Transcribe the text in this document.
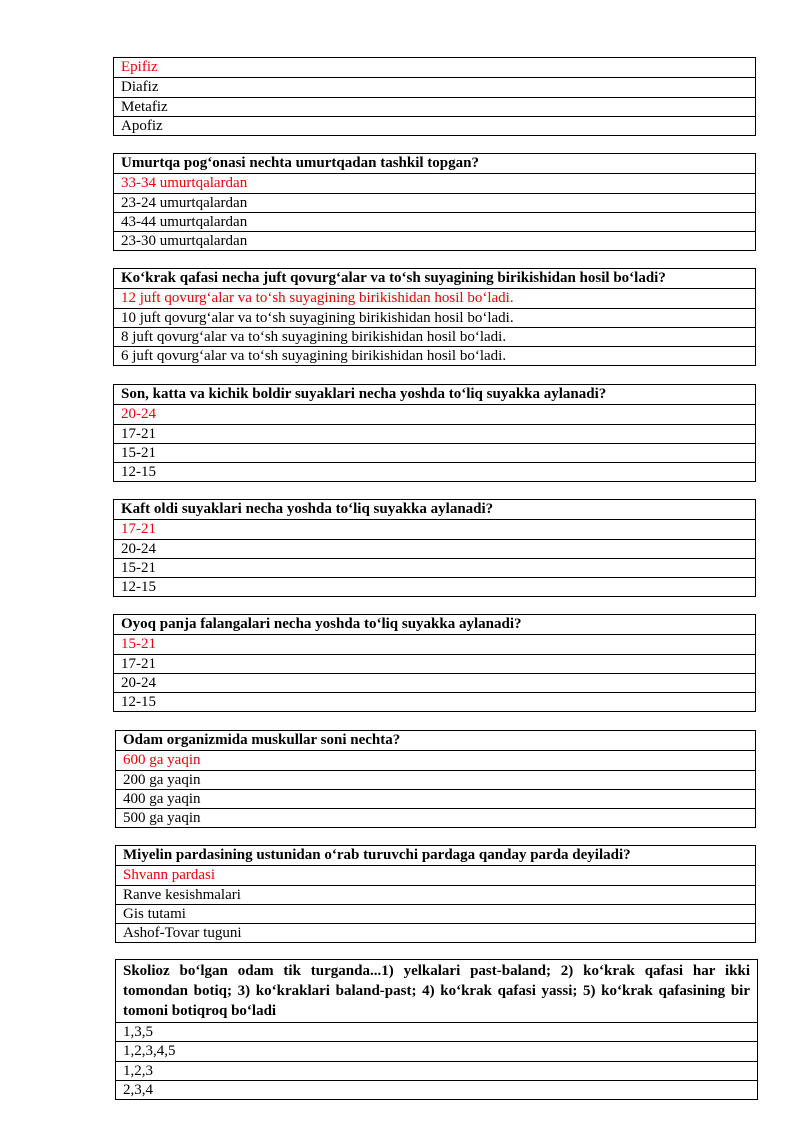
Epifiz
Diafiz
Metafiz
Apofiz
Umurtqa pog‘onasi nechta umurtqadan tashkil topgan?
33-34 umurtqalardan
23-24 umurtqalardan
43-44 umurtqalardan
23-30 umurtqalardan
Ko‘krak qafasi necha juft qovurg‘alar va to‘sh suyagining birikishidan hosil bo‘ladi?
12 juft qovurg‘alar va to‘sh suyagining birikishidan hosil bo‘ladi.
10 juft qovurg‘alar va to‘sh suyagining birikishidan hosil bo‘ladi.
8 juft qovurg‘alar va to‘sh suyagining birikishidan hosil bo‘ladi.
6 juft qovurg‘alar va to‘sh suyagining birikishidan hosil bo‘ladi.
Son, katta va kichik boldir suyaklari necha yoshda to‘liq suyakka aylanadi?
20-24
17-21
15-21
12-15
Kaft oldi suyaklari necha yoshda to‘liq suyakka aylanadi?
17-21
20-24
15-21
12-15
Oyoq panja falangalari necha yoshda to‘liq suyakka aylanadi?
15-21
17-21
20-24
12-15
Odam organizmida muskullar soni nechta?
600 ga yaqin
200 ga yaqin
400 ga yaqin
500 ga yaqin
Miyelin pardasining ustunidan o‘rab turuvchi pardaga qanday parda deyiladi?
Shvann pardasi
Ranve kesishmalari
Gis tutami
Ashof-Tovar tuguni
Skolioz bo‘lgan odam tik turganda...1) yelkalari past-baland; 2) ko‘krak qafasi har ikki tomondan botiq; 3) ko‘kraklari baland-past; 4) ko‘krak qafasi yassi; 5) ko‘krak qafasining bir tomoni botiqroq bo‘ladi
1,3,5
1,2,3,4,5
1,2,3
2,3,4
